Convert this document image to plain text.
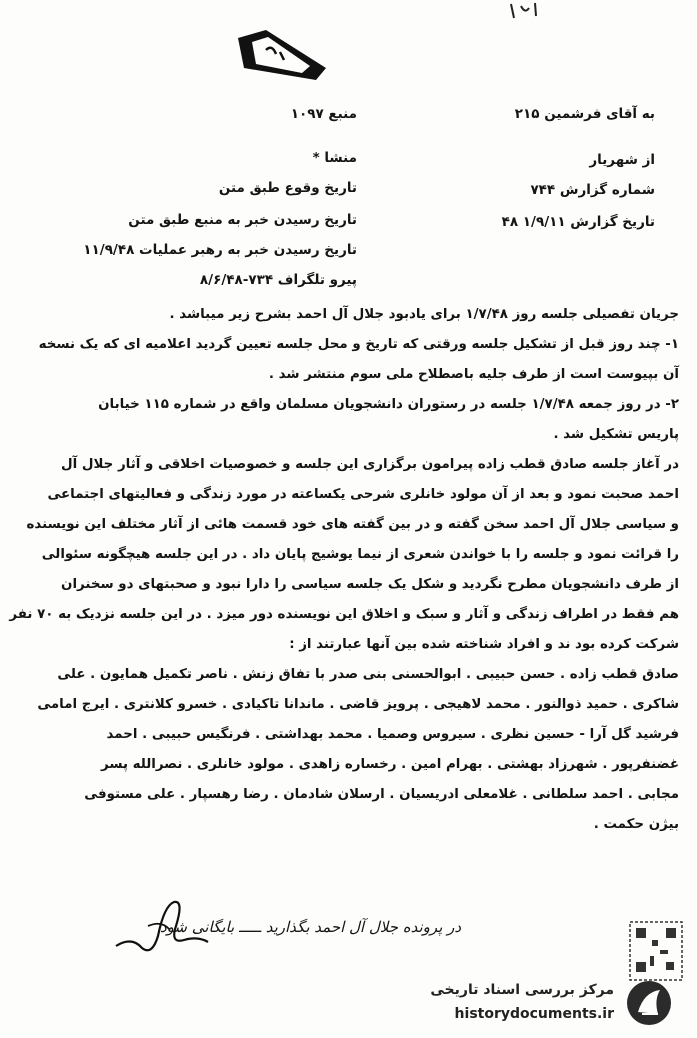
به آقای فرشمین ۲۱۵
از شهریار
شماره گزارش ۷۴۴
تاریخ گزارش ۱/۹/۱۱ ۴۸
منبع ۱۰۹۷
منشا *
تاریخ وقوع طبق متن
تاریخ رسیدن خبر به منبع طبق متن
تاریخ رسیدن خبر به رهبر عملیات ۱۱/۹/۴۸
پیرو تلگراف ۷۳۴-۸/۶/۴۸
جریان تفصیلی جلسه روز ۱/۷/۴۸ برای یادبود جلال آل احمد بشرح زیر میباشد .
۱- چند روز قبل از تشکیل جلسه ورقتی که تاریخ و محل جلسه تعیین گردید اعلامیه ای که یک نسخه
آن بپیوست است از طرف جلیه باصطلاح ملی سوم منتشر شد .
۲- در روز جمعه ۱/۷/۴۸ جلسه در رستوران دانشجویان مسلمان واقع در شماره ۱۱۵ خیابان
پاریس تشکیل شد .
در آغاز جلسه صادق قطب زاده پیرامون برگزاری این جلسه و خصوصیات اخلاقی و آثار جلال آل
احمد صحبت نمود و بعد از آن مولود خانلری شرحی یکساعته در مورد زندگی و فعالیتهای اجتماعی
و سیاسی جلال آل احمد سخن گفته و در بین گفته های خود قسمت هائی از آثار مختلف این نویسنده
را قرائت نمود و جلسه را با خواندن شعری از نیما یوشیج پایان داد . در این جلسه هیچگونه سئوالی
از طرف دانشجویان مطرح نگردید و شکل یک جلسه سیاسی را دارا نبود و صحبتهای دو سخنران
هم فقط در اطراف زندگی و آثار و سبک و اخلاق این نویسنده دور میزد . در این جلسه نزدیک به ۷۰ نفر
شرکت کرده بود ند و افراد شناخته شده بین آنها عبارتند از :
صادق قطب زاده . حسن حبیبی . ابوالحسنی بنی صدر با تفاق زنش . ناصر تکمیل همایون . علی
شاکری . حمید ذوالنور . محمد لاهیجی . پرویز قاضی . ماندانا تاکیادی . خسرو کلانتری . ایرج امامی
فرشید گل آرا - حسین نظری . سیروس وصمیا . محمد بهداشتی . فرنگیس حبیبی . احمد
غضنفرپور . شهرزاد بهشتی . بهرام امین . رخساره زاهدی . مولود خانلری . نصرالله پسر
مجابی . احمد سلطانی . غلامعلی ادریسیان . ارسلان شادمان . رضا رهسپار . علی مستوفی
بیژن حکمت .
در پرونده جلال آل احمد بگذارید ـــــ بایگانی شود
مرکز بررسی اسناد تاریخی
historydocuments.ir
